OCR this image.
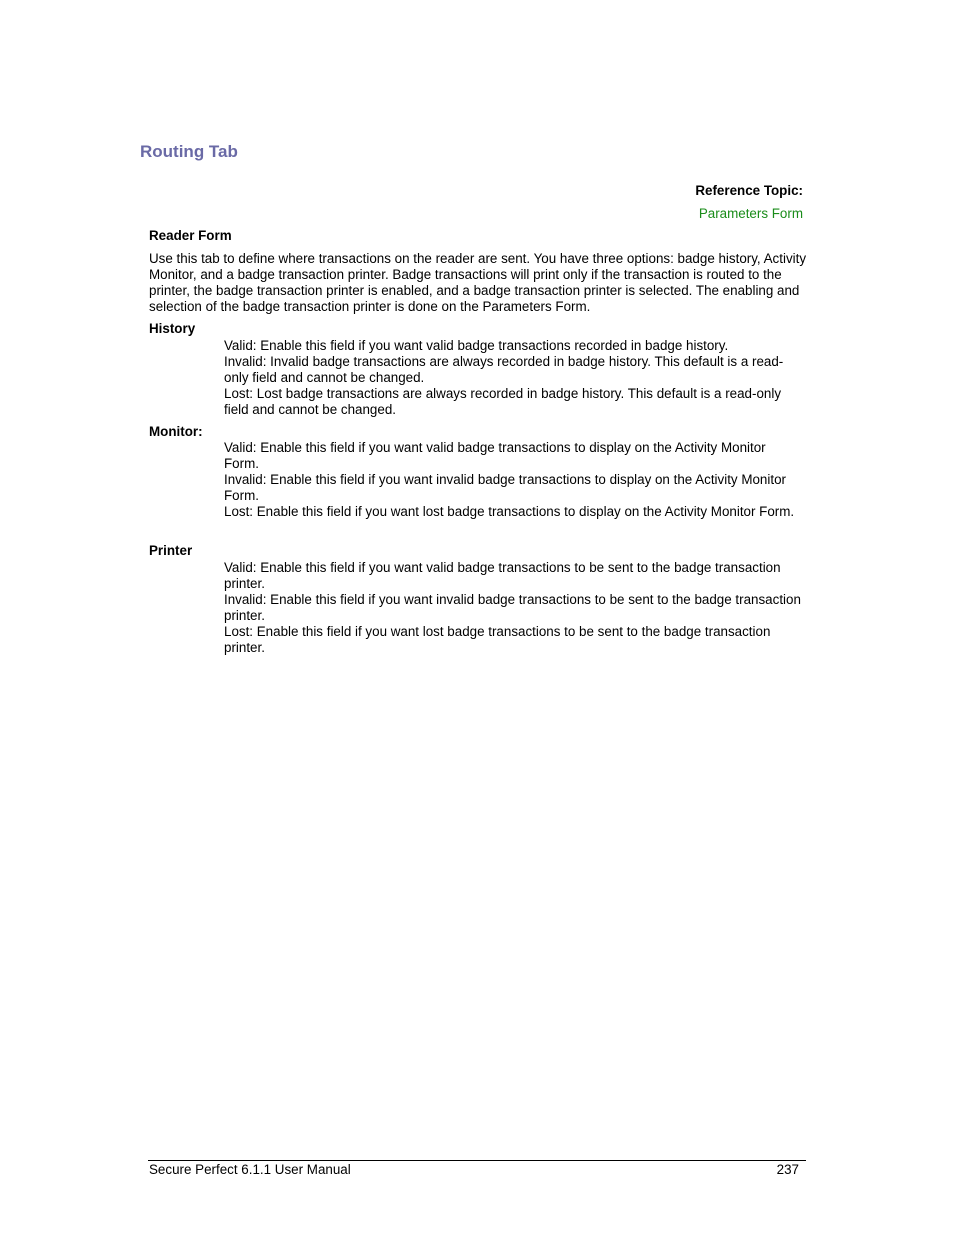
Routing Tab
Reference Topic:
Parameters Form
Reader Form
Use this tab to define where transactions on the reader are sent. You have three options: badge history, Activity Monitor, and a badge transaction printer. Badge transactions will print only if the transaction is routed to the printer, the badge transaction printer is enabled, and a badge transaction printer is selected. The enabling and selection of the badge transaction printer is done on the Parameters Form.
History

Valid: Enable this field if you want valid badge transactions recorded in badge history.

Invalid: Invalid badge transactions are always recorded in badge history. This default is a read-only field and cannot be changed.

Lost: Lost badge transactions are always recorded in badge history. This default is a read-only field and cannot be changed.

Monitor:

Valid: Enable this field if you want valid badge transactions to display on the Activity Monitor Form.

Invalid: Enable this field if you want invalid badge transactions to display on the Activity Monitor Form.

Lost: Enable this field if you want lost badge transactions to display on the Activity Monitor Form.

Printer

Valid: Enable this field if you want valid badge transactions to be sent to the badge transaction printer.

Invalid: Enable this field if you want invalid badge transactions to be sent to the badge transaction printer.

Lost: Enable this field if you want lost badge transactions to be sent to the badge transaction printer.

Secure Perfect 6.1.1 User Manual	237
